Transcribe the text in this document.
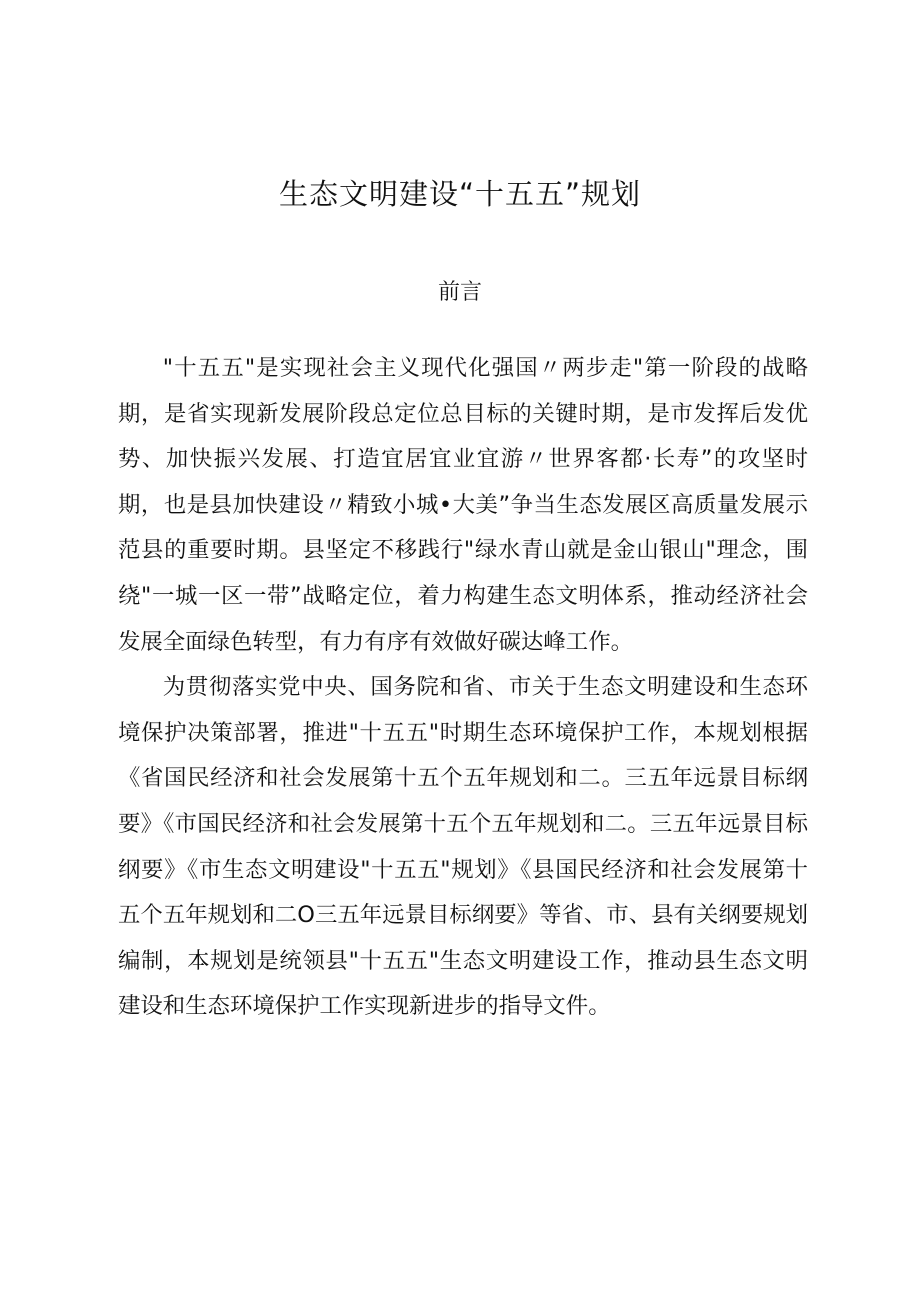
生态文明建设“十五五”规划
前言

"十五五"是实现社会主义现代化强国〃两步走"第一阶段的战略期，是省实现新发展阶段总定位总目标的关键时期，是市发挥后发优势、加快振兴发展、打造宜居宜业宜游〃世界客都·长寿”的攻坚时期，也是县加快建设〃精致小城•大美”争当生态发展区高质量发展示范县的重要时期。县坚定不移践行"绿水青山就是金山银山"理念，围绕"一城一区一带”战略定位，着力构建生态文明体系，推动经济社会发展全面绿色转型，有力有序有效做好碳达峰工作。

为贯彻落实党中央、国务院和省、市关于生态文明建设和生态环境保护决策部署，推进"十五五"时期生态环境保护工作，本规划根据《省国民经济和社会发展第十五个五年规划和二。三五年远景目标纲要》《市国民经济和社会发展第十五个五年规划和二。三五年远景目标纲要》《市生态文明建设"十五五"规划》《县国民经济和社会发展第十五个五年规划和二O三五年远景目标纲要》等省、市、县有关纲要规划编制，本规划是统领县"十五五"生态文明建设工作，推动县生态文明建设和生态环境保护工作实现新进步的指导文件。
